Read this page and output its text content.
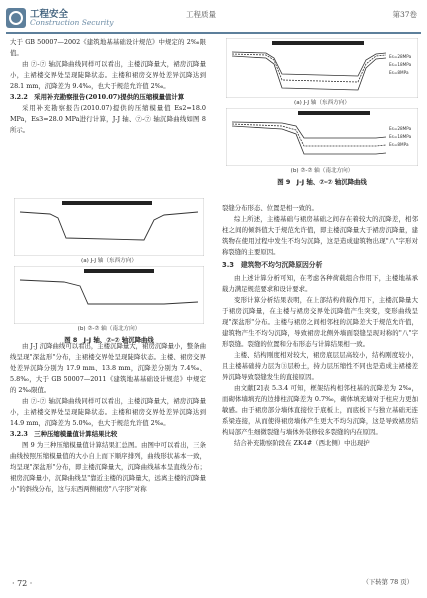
工程安全
Construction Security
工程质量	第37卷

大于 GB 50007—2002《建筑地基基础设计规范》中规定的 2‰限值。

由 ⑦-⑦ 轴沉降曲线同样可以看出，主楼沉降量大，裙房沉降量小，主裙楼交界处呈现陡降状态。主楼和裙房交界处差异沉降达到 28.1 mm，沉降差为 9.4‰，也大于规范允许值 2‰。

3.2.2　采用补充勘察报告(2010.07)提供的压缩模量值计算

采用补充勘察报告(2010.07)提供的压缩模量值 Es2=18.0 MPa，Es3=28.0 MPa进行计算，J-J 轴、⑦-⑦ 轴沉降曲线如图 8 所示。

(a) J-J 轴（东西方向）
(b) ⑦-⑦ 轴（南北方向）
图 8　J-J 轴、⑦-⑦ 轴沉降曲线

由 J-J 沉降曲线可以看出，主楼沉降量大，裙房沉降量小，整条曲线呈现"深盆形"分布，主裙楼交界处呈现陡降状态。主楼、裙房交界处差异沉降分别为 17.9 mm、13.8 mm，沉降差分别为 7.4‰、5.8‰，大于 GB 50007—2011《建筑地基基础设计规范》中规定的 2‰限值。

由 ⑦-⑦ 轴沉降曲线同样可以看出，主楼沉降量大，裙房沉降量小，主裙楼交界处呈现陡降状态。主楼和裙房交界处差异沉降达到 14.9 mm，沉降差为 5.0‰，也大于规范允许值 2‰。

3.2.3　三种压缩模量值计算结果比较

图 9 为三种压缩模量值计算结果汇总图。由图中可以看出，三条曲线按照压缩模量值的大小自上而下顺序排列，曲线形状基本一致，均呈现"深盆形"分布，即主楼沉降量大，沉降曲线基本呈直线分布；裙房沉降量小，沉降曲线呈"靠近主楼的沉降量大，远离主楼的沉降量小"的斜线分布，这与东西两侧裙房"八字形"对称

Es=28MPa
Es=18MPa
Es=8MPa
(a) J-J 轴（东西方向）
Es=28MPa
Es=18MPa
Es=8MPa
(b) ⑦-⑦ 轴（南北方向）
图 9　J-J 轴、⑦-⑦ 轴沉降曲线

裂缝分布形态、位置是相一致的。

综上所述，主楼基础与裙房基础之间存在着较大的沉降差，相邻柱之间的倾斜值大于规范允许值，即主楼沉降量大于裙房沉降量，建筑物在使用过程中发生不均匀沉降，这是造成建筑物出现"八"字形对称裂缝的主要原因。

3.3　建筑物不均匀沉降原因分析

由上述计算分析可知，在考虑各种荷载组合作用下，主楼地基承载力满足规范要求和设计要求。

变形计算分析结果表明，在上部结构荷载作用下，主楼沉降量大于裙房沉降量，在主楼与裙房交界处沉降值产生突变，变形曲线呈现"深盆形"分布。主楼与裙房之间相邻柱的沉降差大于规范允许值，建筑物产生不均匀沉降，导致裙房北侧外墙面裂缝呈现对称的"八"字形裂缝。裂缝的位置和分布形态与计算结果相一致。

主楼、结构刚度相对较大，裙房底层层高较小，结构刚度较小，且主楼基础持力层为③层粉土，持力层压缩性不同也是造成主裙楼差异沉降导致裂缝发生的直接原因。

由文献[2]表 5.3.4 可知，框架结构相邻柱基的沉降差为 2‰，而砌体墙填充的边排柱沉降差为 0.7‰，砌体填充墙对于柱应力更加敏感。由于裙房部分墙体直接位于底板上，而底板下与独立基础无连系梁连接，从而使得裙房墙体产生更大不均匀沉降，这是导致裙房结构局部产生细微裂缝与墙体外装修较多裂缝的内在原因。

结合补充勘察阶段在 ZK4#（西北侧）中出现护

· 72 ·	（下转第 78 页）
